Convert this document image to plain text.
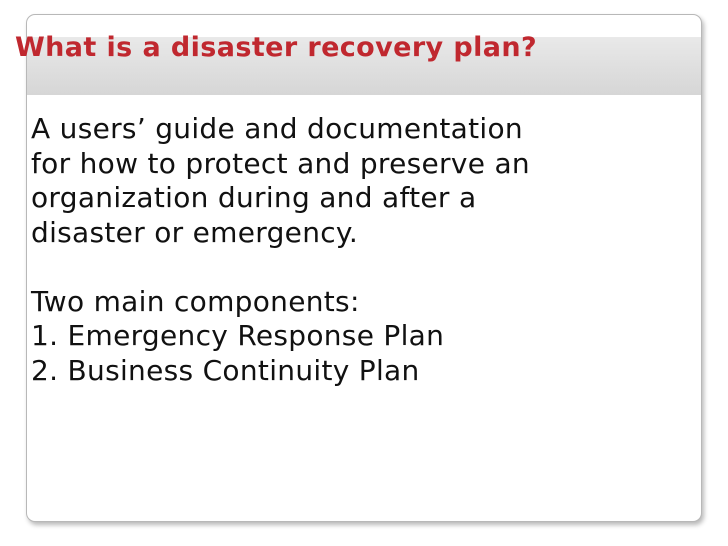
What is a disaster recovery plan?
A users’ guide and documentation
for how to protect and preserve an
organization during and after a
disaster or emergency.
Two main components:
1. Emergency Response Plan
2. Business Continuity Plan
